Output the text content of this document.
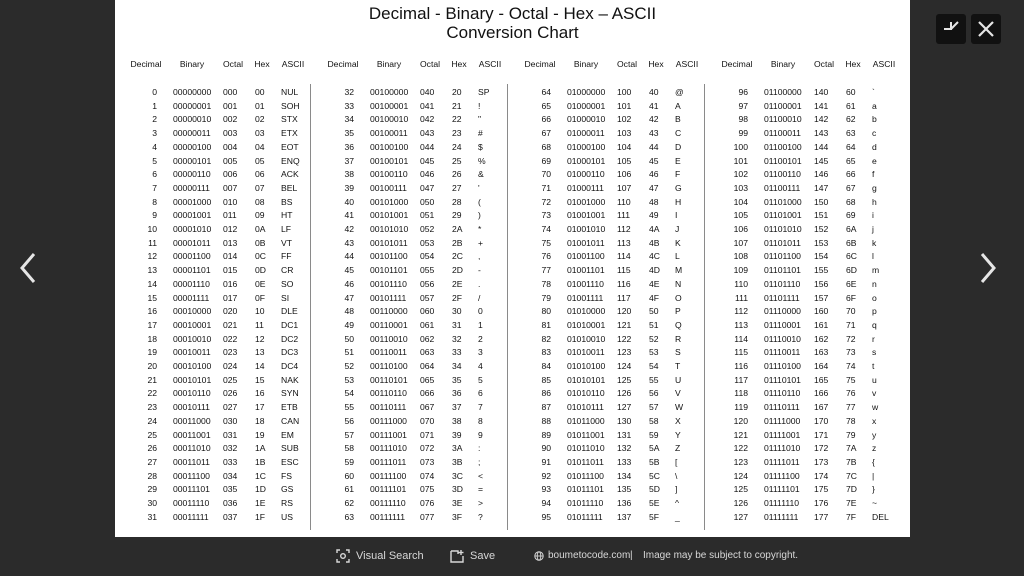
Decimal - Binary - Octal - Hex – ASCII
Conversion Chart
Decimal	Binary	Octal	Hex	ASCII
0 00000000 000 00 NUL
1 00000001 001 01 SOH
2 00000010 002 02 STX
3 00000011 003 03 ETX
4 00000100 004 04 EOT
5 00000101 005 05 ENQ
6 00000110 006 06 ACK
7 00000111 007 07 BEL
8 00001000 010 08 BS
9 00001001 011 09 HT
10 00001010 012 0A LF
11 00001011 013 0B VT
12 00001100 014 0C FF
13 00001101 015 0D CR
14 00001110 016 0E SO
15 00001111 017 0F SI
16 00010000 020 10 DLE
17 00010001 021 11 DC1
18 00010010 022 12 DC2
19 00010011 023 13 DC3
20 00010100 024 14 DC4
21 00010101 025 15 NAK
22 00010110 026 16 SYN
23 00010111 027 17 ETB
24 00011000 030 18 CAN
25 00011001 031 19 EM
26 00011010 032 1A SUB
27 00011011 033 1B ESC
28 00011100 034 1C FS
29 00011101 035 1D GS
30 00011110 036 1E RS
31 00011111 037 1F US
Decimal	Binary	Octal	Hex	ASCII
32 00100000 040 20 SP
33 00100001 041 21 !
34 00100010 042 22 "
35 00100011 043 23 #
36 00100100 044 24 $
37 00100101 045 25 %
38 00100110 046 26 &
39 00100111 047 27 '
40 00101000 050 28 (
41 00101001 051 29 )
42 00101010 052 2A *
43 00101011 053 2B +
44 00101100 054 2C ,
45 00101101 055 2D -
46 00101110 056 2E .
47 00101111 057 2F /
48 00110000 060 30 0
49 00110001 061 31 1
50 00110010 062 32 2
51 00110011 063 33 3
52 00110100 064 34 4
53 00110101 065 35 5
54 00110110 066 36 6
55 00110111 067 37 7
56 00111000 070 38 8
57 00111001 071 39 9
58 00111010 072 3A :
59 00111011 073 3B ;
60 00111100 074 3C <
61 00111101 075 3D =
62 00111110 076 3E >
63 00111111 077 3F ?
Decimal	Binary	Octal	Hex	ASCII
64 01000000 100 40 @
65 01000001 101 41 A
66 01000010 102 42 B
67 01000011 103 43 C
68 01000100 104 44 D
69 01000101 105 45 E
70 01000110 106 46 F
71 01000111 107 47 G
72 01001000 110 48 H
73 01001001 111 49 I
74 01001010 112 4A J
75 01001011 113 4B K
76 01001100 114 4C L
77 01001101 115 4D M
78 01001110 116 4E N
79 01001111 117 4F O
80 01010000 120 50 P
81 01010001 121 51 Q
82 01010010 122 52 R
83 01010011 123 53 S
84 01010100 124 54 T
85 01010101 125 55 U
86 01010110 126 56 V
87 01010111 127 57 W
88 01011000 130 58 X
89 01011001 131 59 Y
90 01011010 132 5A Z
91 01011011 133 5B [
92 01011100 134 5C \
93 01011101 135 5D ]
94 01011110 136 5E ^
95 01011111 137 5F _
Decimal	Binary	Octal	Hex	ASCII
96 01100000 140 60 `
97 01100001 141 61 a
98 01100010 142 62 b
99 01100011 143 63 c
100 01100100 144 64 d
101 01100101 145 65 e
102 01100110 146 66 f
103 01100111 147 67 g
104 01101000 150 68 h
105 01101001 151 69 i
106 01101010 152 6A j
107 01101011 153 6B k
108 01101100 154 6C l
109 01101101 155 6D m
110 01101110 156 6E n
111 01101111 157 6F o
112 01110000 160 70 p
113 01110001 161 71 q
114 01110010 162 72 r
115 01110011 163 73 s
116 01110100 164 74 t
117 01110101 165 75 u
118 01110110 166 76 v
119 01110111 167 77 w
120 01111000 170 78 x
121 01111001 171 79 y
122 01111010 172 7A z
123 01111011 173 7B {
124 01111100 174 7C |
125 01111101 175 7D }
126 01111110 176 7E ~
127 01111111 177 7F DEL
Visual Search	Save	boumetocode.com | Image may be subject to copyright.
